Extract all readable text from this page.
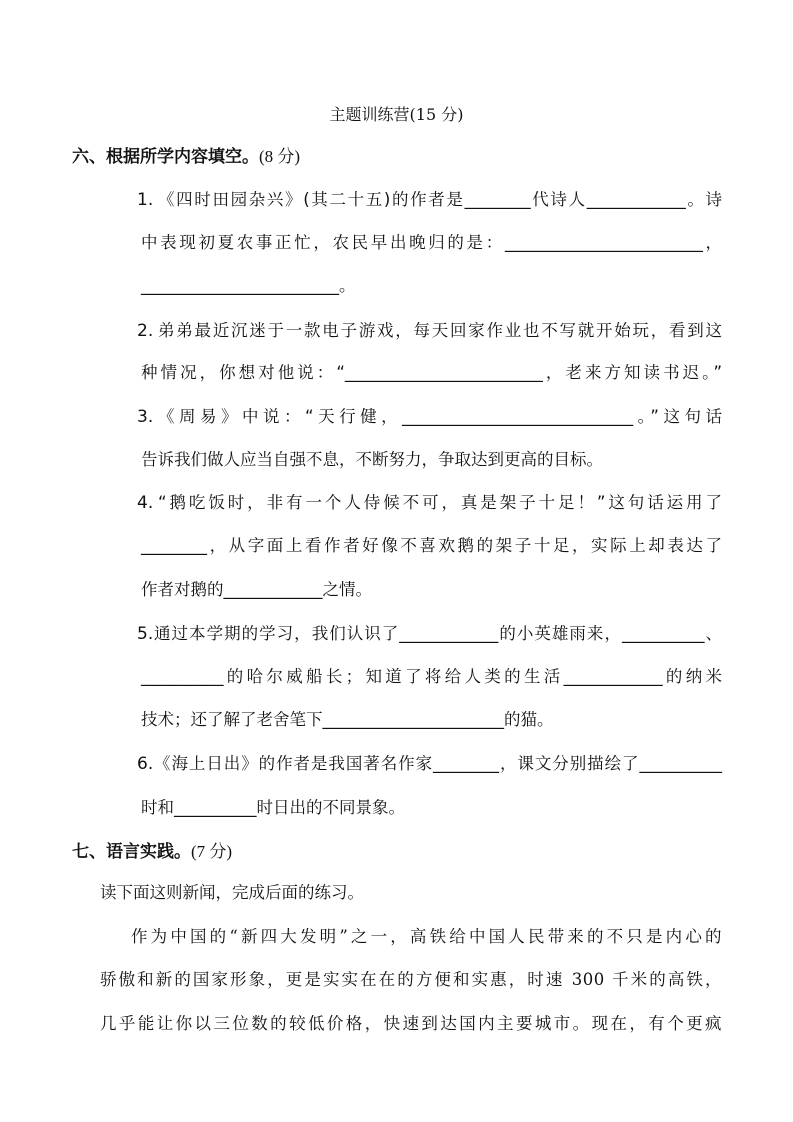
主题训练营(15 分)
六、根据所学内容填空。(8 分)
1. 《四时田园杂兴》(其二十五)的作者是________代诗人____________。诗
中表现初夏农事正忙，农民早出晚归的是：________________________，
________________________。
2. 弟弟最近沉迷于一款电子游戏，每天回家作业也不写就开始玩，看到这
种情况，你想对他说：“________________________，老来方知读书迟。”
3. 《周易》中说：“天行健，____________________________。”这句话
告诉我们做人应当自强不息，不断努力，争取达到更高的目标。
4. “鹅吃饭时，非有一个人侍候不可，真是架子十足！”这句话运用了
________，从字面上看作者好像不喜欢鹅的架子十足，实际上却表达了
作者对鹅的____________之情。
5. 通过本学期的学习，我们认识了____________的小英雄雨来，__________、
__________的哈尔威船长；知道了将给人类的生活____________的纳米
技术；还了解了老舍笔下______________________的猫。
6. 《海上日出》的作者是我国著名作家________，课文分别描绘了__________
时和__________时日出的不同景象。
七、语言实践。(7 分)
读下面这则新闻，完成后面的练习。
作为中国的“新四大发明”之一，高铁给中国人民带来的不只是内心的
骄傲和新的国家形象，更是实实在在的方便和实惠，时速 300 千米的高铁，
几乎能让你以三位数的较低价格，快速到达国内主要城市。现在，有个更疯
